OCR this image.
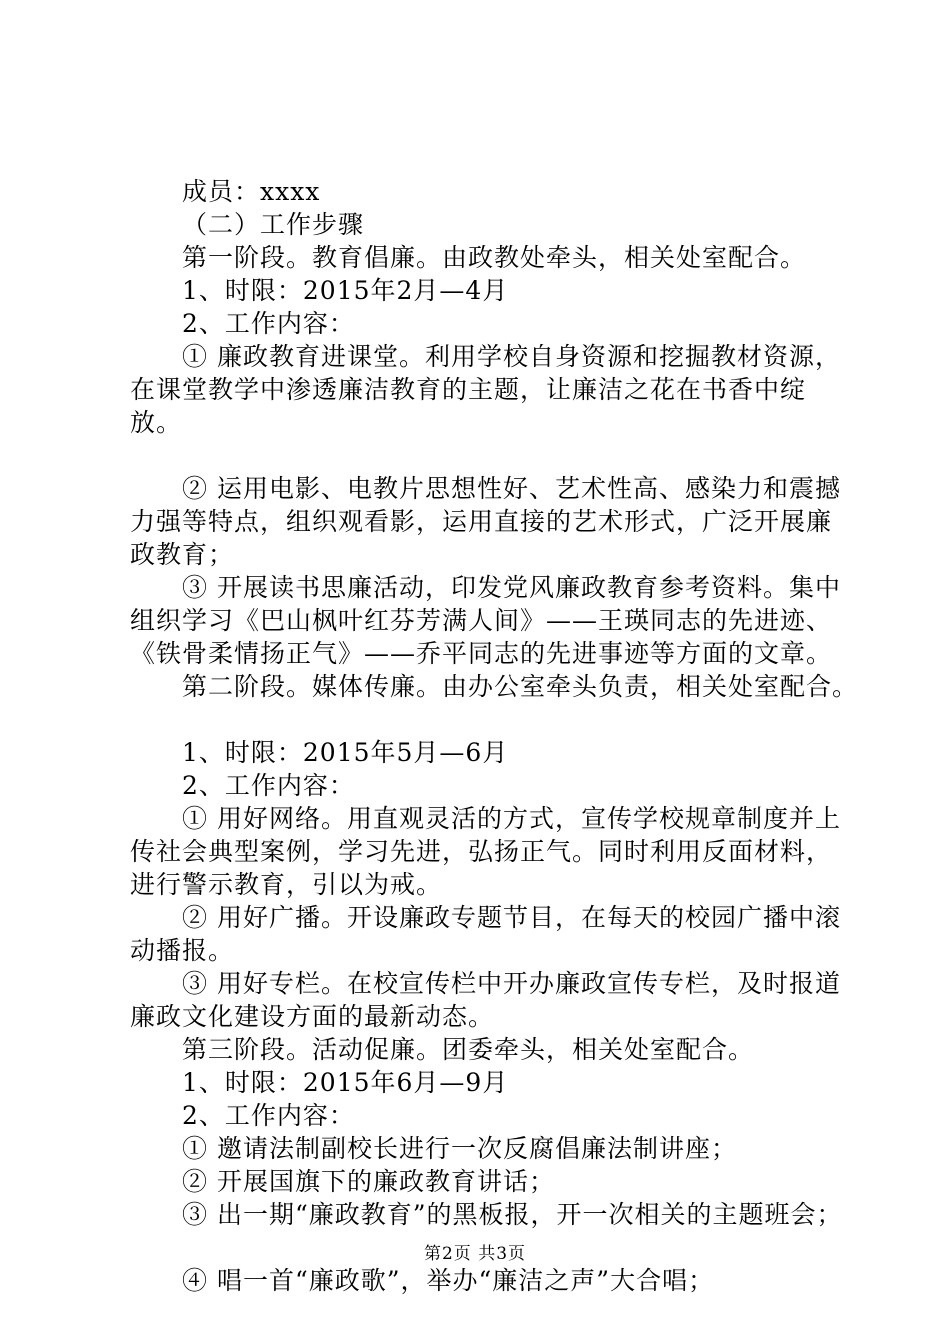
成员：xxxx

（二）工作步骤

第一阶段。教育倡廉。由政教处牵头，相关处室配合。

1、时限：2015年2月—4月

2、工作内容：

① 廉政教育进课堂。利用学校自身资源和挖掘教材资源，在课堂教学中渗透廉洁教育的主题，让廉洁之花在书香中绽放。

② 运用电影、电教片思想性好、艺术性高、感染力和震撼力强等特点，组织观看影，运用直接的艺术形式，广泛开展廉政教育；

③ 开展读书思廉活动，印发党风廉政教育参考资料。集中组织学习《巴山枫叶红芬芳满人间》——王瑛同志的先进迹、《铁骨柔情扬正气》——乔平同志的先进事迹等方面的文章。

第二阶段。媒体传廉。由办公室牵头负责，相关处室配合。

1、时限：2015年5月—6月

2、工作内容：

① 用好网络。用直观灵活的方式，宣传学校规章制度并上传社会典型案例，学习先进，弘扬正气。同时利用反面材料，进行警示教育，引以为戒。

② 用好广播。开设廉政专题节目，在每天的校园广播中滚动播报。

③ 用好专栏。在校宣传栏中开办廉政宣传专栏，及时报道廉政文化建设方面的最新动态。

第三阶段。活动促廉。团委牵头，相关处室配合。

1、时限：2015年6月—9月

2、工作内容：

① 邀请法制副校长进行一次反腐倡廉法制讲座；

② 开展国旗下的廉政教育讲话；

③ 出一期“廉政教育”的黑板报，开一次相关的主题班会；

④ 唱一首“廉政歌”，举办“廉洁之声”大合唱；

第2页 共3页
